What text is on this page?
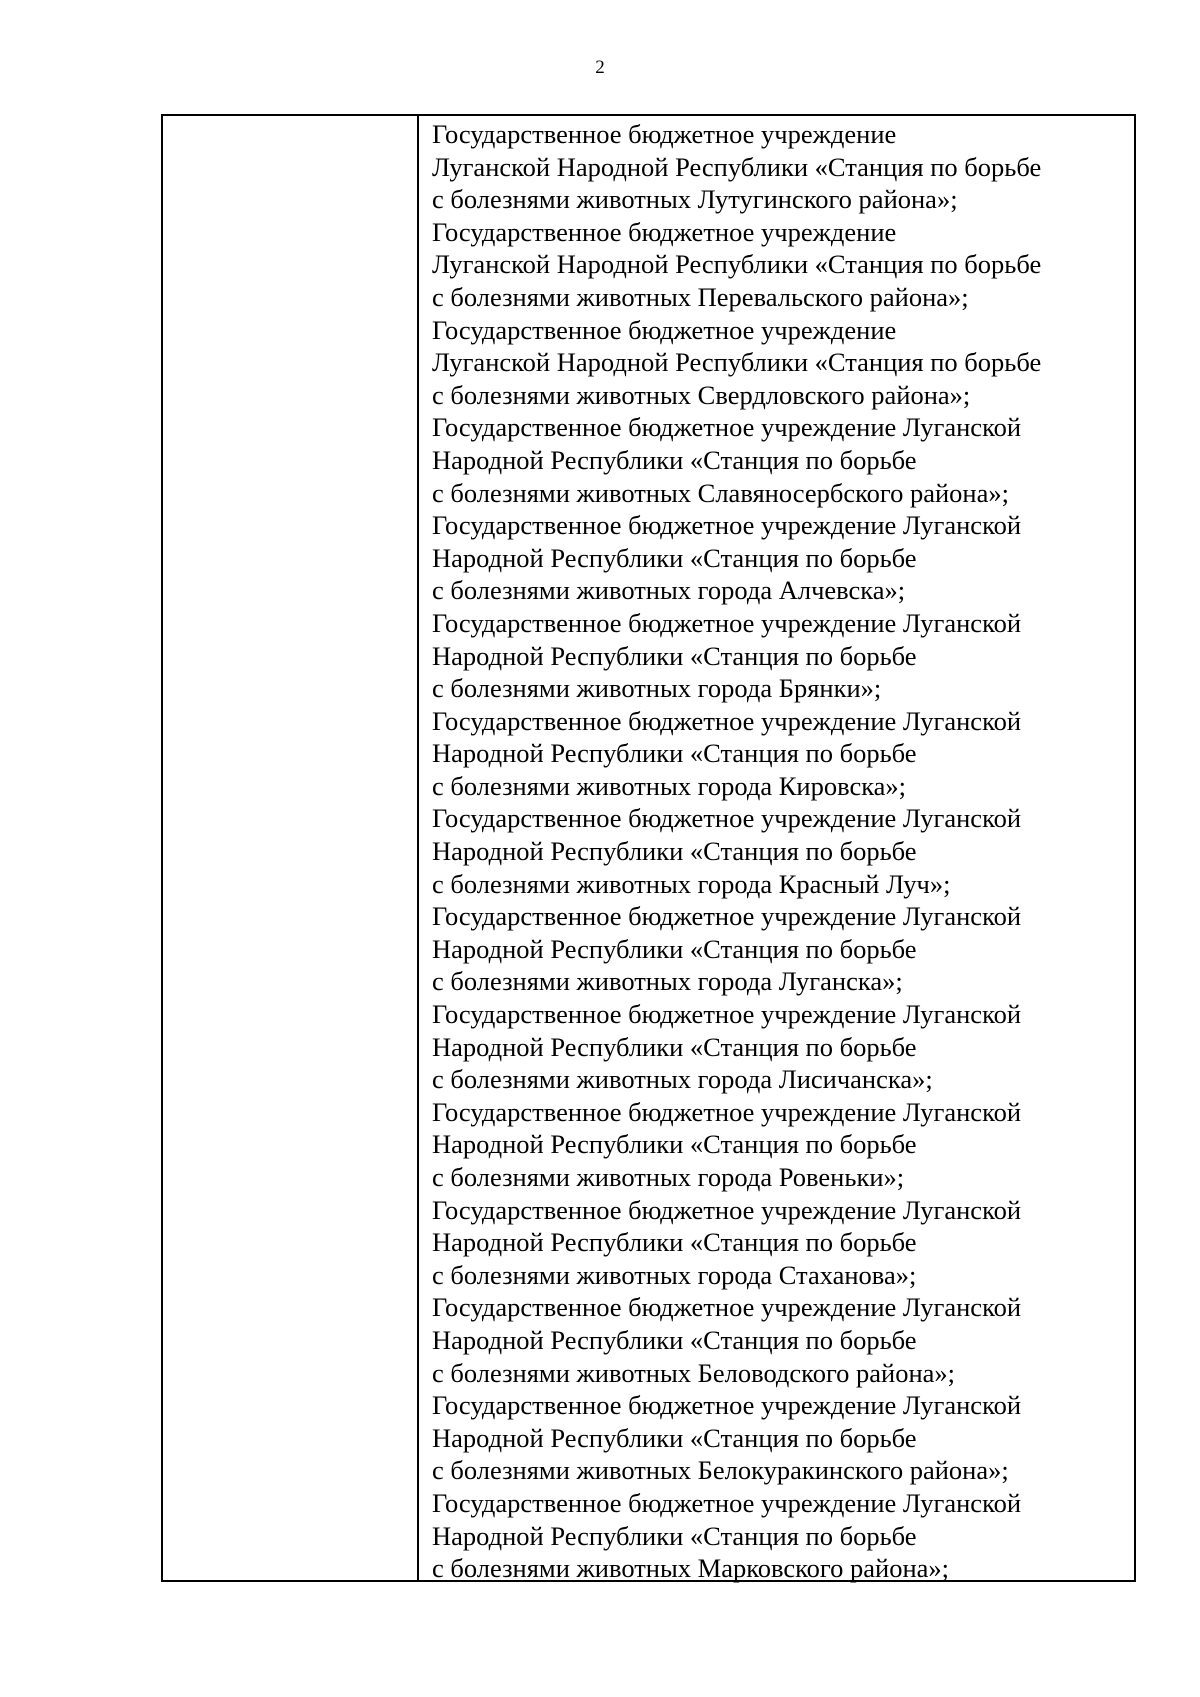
2
Государственное бюджетное учреждение
Луганской Народной Республики «Станция по борьбе
с болезнями животных Лутугинского района»;
Государственное бюджетное учреждение
Луганской Народной Республики «Станция по борьбе
с болезнями животных Перевальского района»;
Государственное бюджетное учреждение
Луганской Народной Республики «Станция по борьбе
с болезнями животных Свердловского района»;
Государственное бюджетное учреждение Луганской
Народной Республики «Станция по борьбе
с болезнями животных Славяносербского района»;
Государственное бюджетное учреждение Луганской
Народной Республики «Станция по борьбе
с болезнями животных города Алчевска»;
Государственное бюджетное учреждение Луганской
Народной Республики «Станция по борьбе
с болезнями животных города Брянки»;
Государственное бюджетное учреждение Луганской
Народной Республики «Станция по борьбе
с болезнями животных города Кировска»;
Государственное бюджетное учреждение Луганской
Народной Республики «Станция по борьбе
с болезнями животных города Красный Луч»;
Государственное бюджетное учреждение Луганской
Народной Республики «Станция по борьбе
с болезнями животных города Луганска»;
Государственное бюджетное учреждение Луганской
Народной Республики «Станция по борьбе
с болезнями животных города Лисичанска»;
Государственное бюджетное учреждение Луганской
Народной Республики «Станция по борьбе
с болезнями животных города Ровеньки»;
Государственное бюджетное учреждение Луганской
Народной Республики «Станция по борьбе
с болезнями животных города Стаханова»;
Государственное бюджетное учреждение Луганской
Народной Республики «Станция по борьбе
с болезнями животных Беловодского района»;
Государственное бюджетное учреждение Луганской
Народной Республики «Станция по борьбе
с болезнями животных Белокуракинского района»;
Государственное бюджетное учреждение Луганской
Народной Республики «Станция по борьбе
с болезнями животных Марковского района»;
